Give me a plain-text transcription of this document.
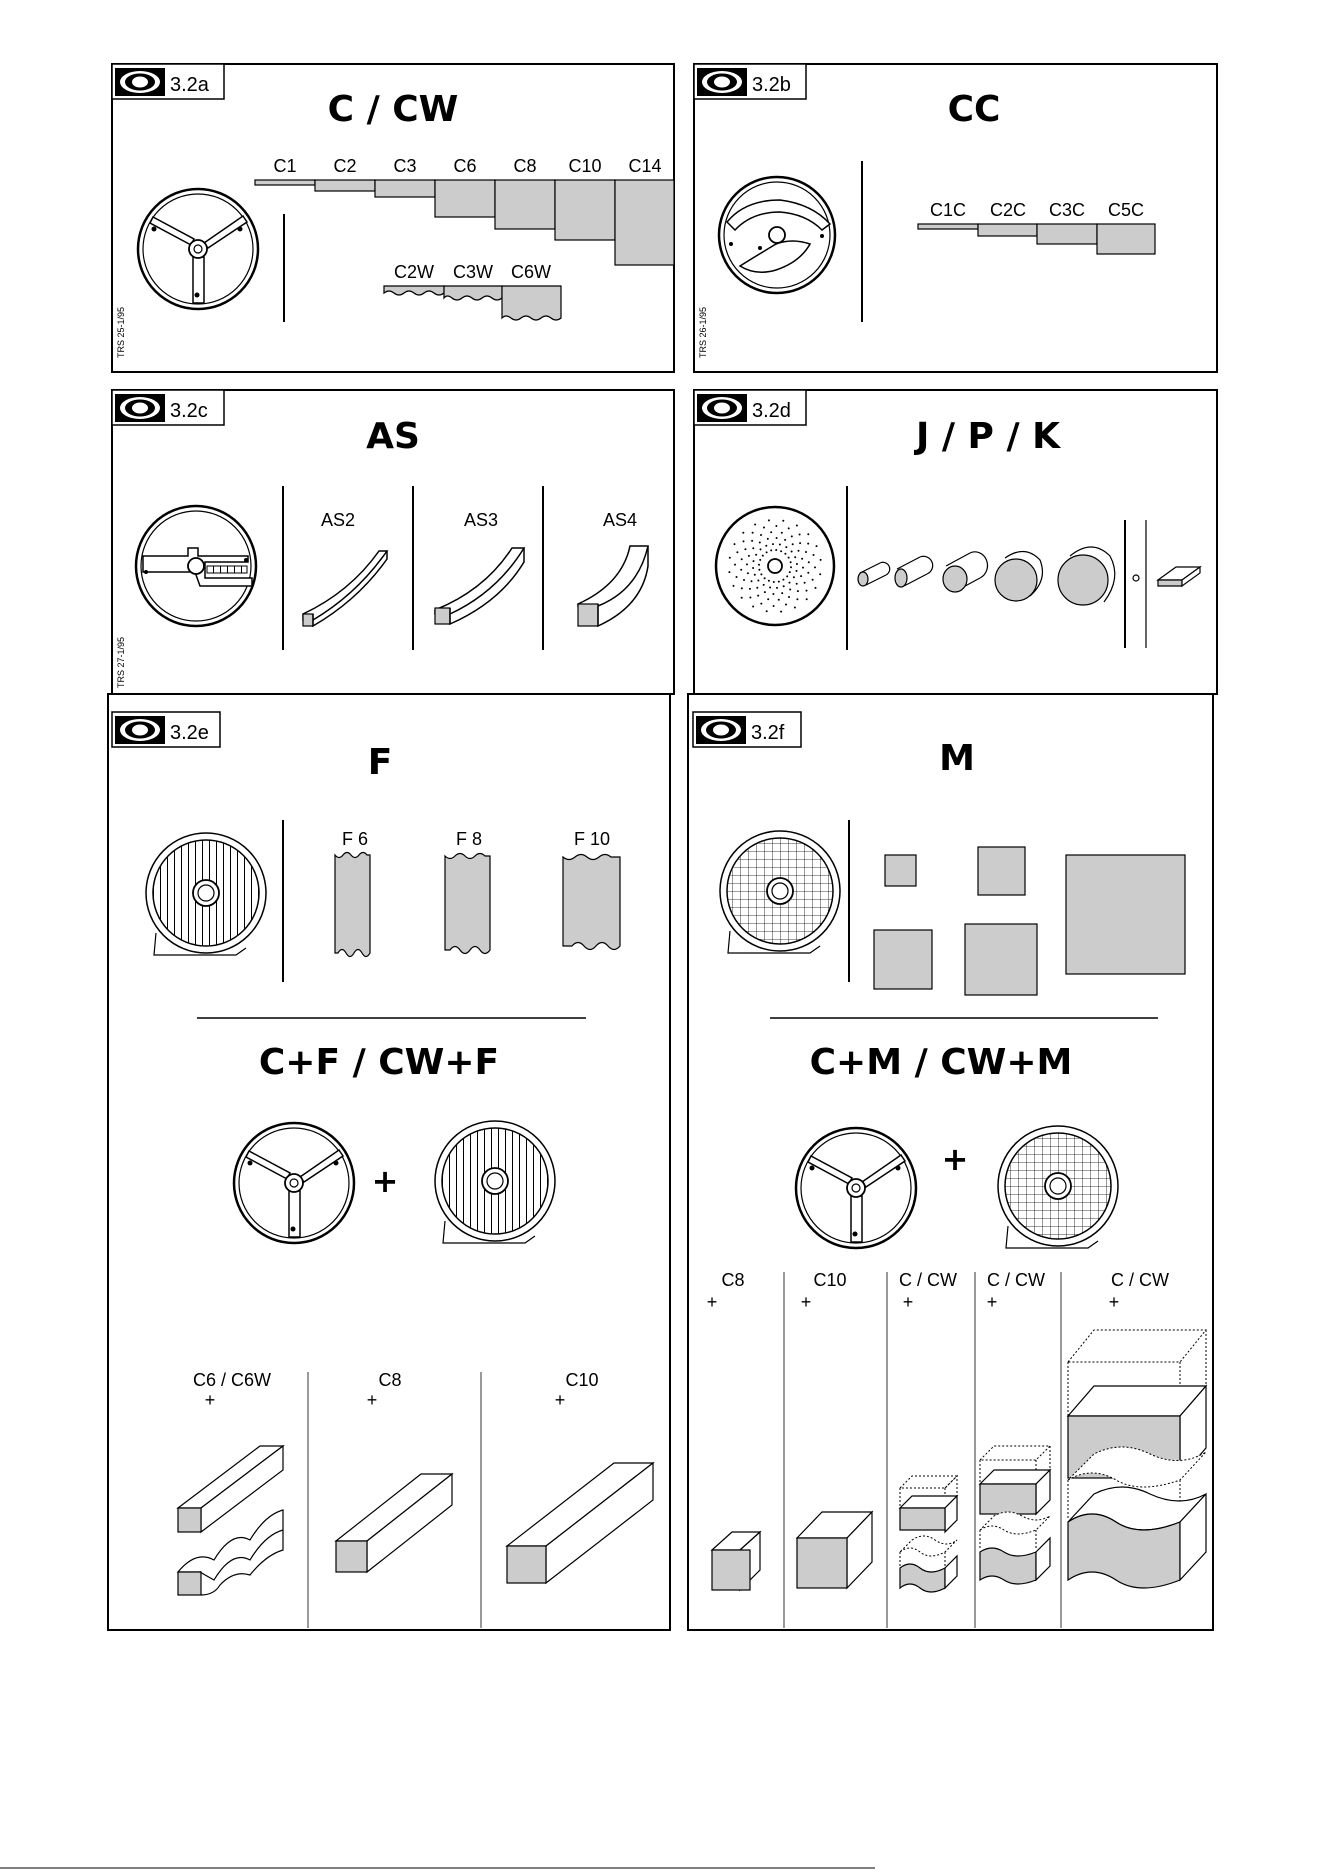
3.2a
C / CW
C1 C2 C3 C6 C8 C10 C14
C2W C3W C6W
TRS 25-1/95
3.2b
CC
C1C C2C C3C C5C
TRS 26-1/95
3.2c
AS
AS2	AS3	AS4
TRS 27-1/95
3.2d
J / P / K
3.2e
F
F 6	F 8	F 10
C+F / CW+F
+
C6 / C6W
+
C8
+
C10
+
3.2f
M
C+M / CW+M
+
C8
+
C10
+
C / CW
+
C / CW
+
C / CW
+
